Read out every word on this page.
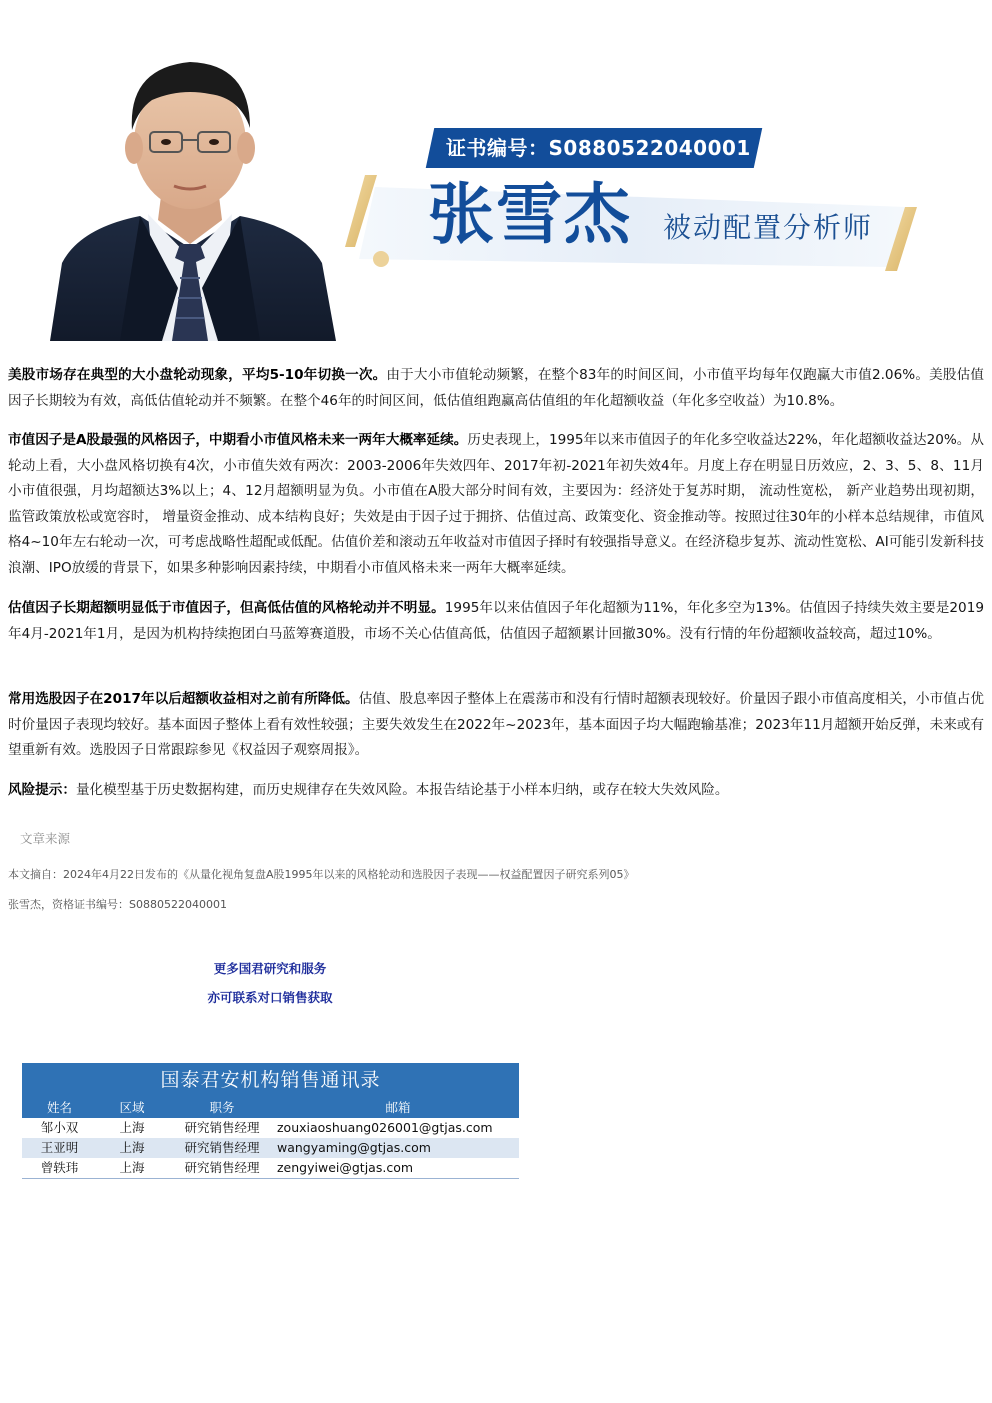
证书编号：S0880522040001
张雪杰 被动配置分析师

美股市场存在典型的大小盘轮动现象，平均5-10年切换一次。由于大小市值轮动频繁，在整个83年的时间区间，小市值平均每年仅跑赢大市值2.06%。美股估值因子长期较为有效，高低估值轮动并不频繁。在整个46年的时间区间，低估值组跑赢高估值组的年化超额收益（年化多空收益）为10.8%。

市值因子是A股最强的风格因子，中期看小市值风格未来一两年大概率延续。历史表现上，1995年以来市值因子的年化多空收益达22%，年化超额收益达20%。从轮动上看，大小盘风格切换有4次，小市值失效有两次：2003-2006年失效四年、2017年初-2021年初失效4年。月度上存在明显日历效应，2、3、5、8、11月小市值很强，月均超额达3%以上；4、12月超额明显为负。小市值在A股大部分时间有效，主要因为：经济处于复苏时期， 流动性宽松， 新产业趋势出现初期，监管政策放松或宽容时， 增量资金推动、成本结构良好；失效是由于因子过于拥挤、估值过高、政策变化、资金推动等。按照过往30年的小样本总结规律，市值风格4~10年左右轮动一次，可考虑战略性超配或低配。估值价差和滚动五年收益对市值因子择时有较强指导意义。在经济稳步复苏、流动性宽松、AI可能引发新科技浪潮、IPO放缓的背景下，如果多种影响因素持续，中期看小市值风格未来一两年大概率延续。

估值因子长期超额明显低于市值因子，但高低估值的风格轮动并不明显。1995年以来估值因子年化超额为11%，年化多空为13%。估值因子持续失效主要是2019年4月-2021年1月，是因为机构持续抱团白马蓝筹赛道股，市场不关心估值高低，估值因子超额累计回撤30%。没有行情的年份超额收益较高，超过10%。

常用选股因子在2017年以后超额收益相对之前有所降低。估值、股息率因子整体上在震荡市和没有行情时超额表现较好。价量因子跟小市值高度相关，小市值占优时价量因子表现均较好。基本面因子整体上看有效性较强；主要失效发生在2022年~2023年，基本面因子均大幅跑输基准；2023年11月超额开始反弹，未来或有望重新有效。选股因子日常跟踪参见《权益因子观察周报》。

风险提示：量化模型基于历史数据构建，而历史规律存在失效风险。本报告结论基于小样本归纳，或存在较大失效风险。

文章来源
本文摘自：2024年4月22日发布的《从量化视角复盘A股1995年以来的风格轮动和选股因子表现——权益配置因子研究系列05》
张雪杰，资格证书编号：S0880522040001
更多国君研究和服务
亦可联系对口销售获取
国泰君安机构销售通讯录
姓名	区域	职务	邮箱
邹小双	上海	研究销售经理	zouxiaoshuang026001@gtjas.com
王亚明	上海	研究销售经理	wangyaming@gtjas.com
曾轶玮	上海	研究销售经理	zengyiwei@gtjas.com
